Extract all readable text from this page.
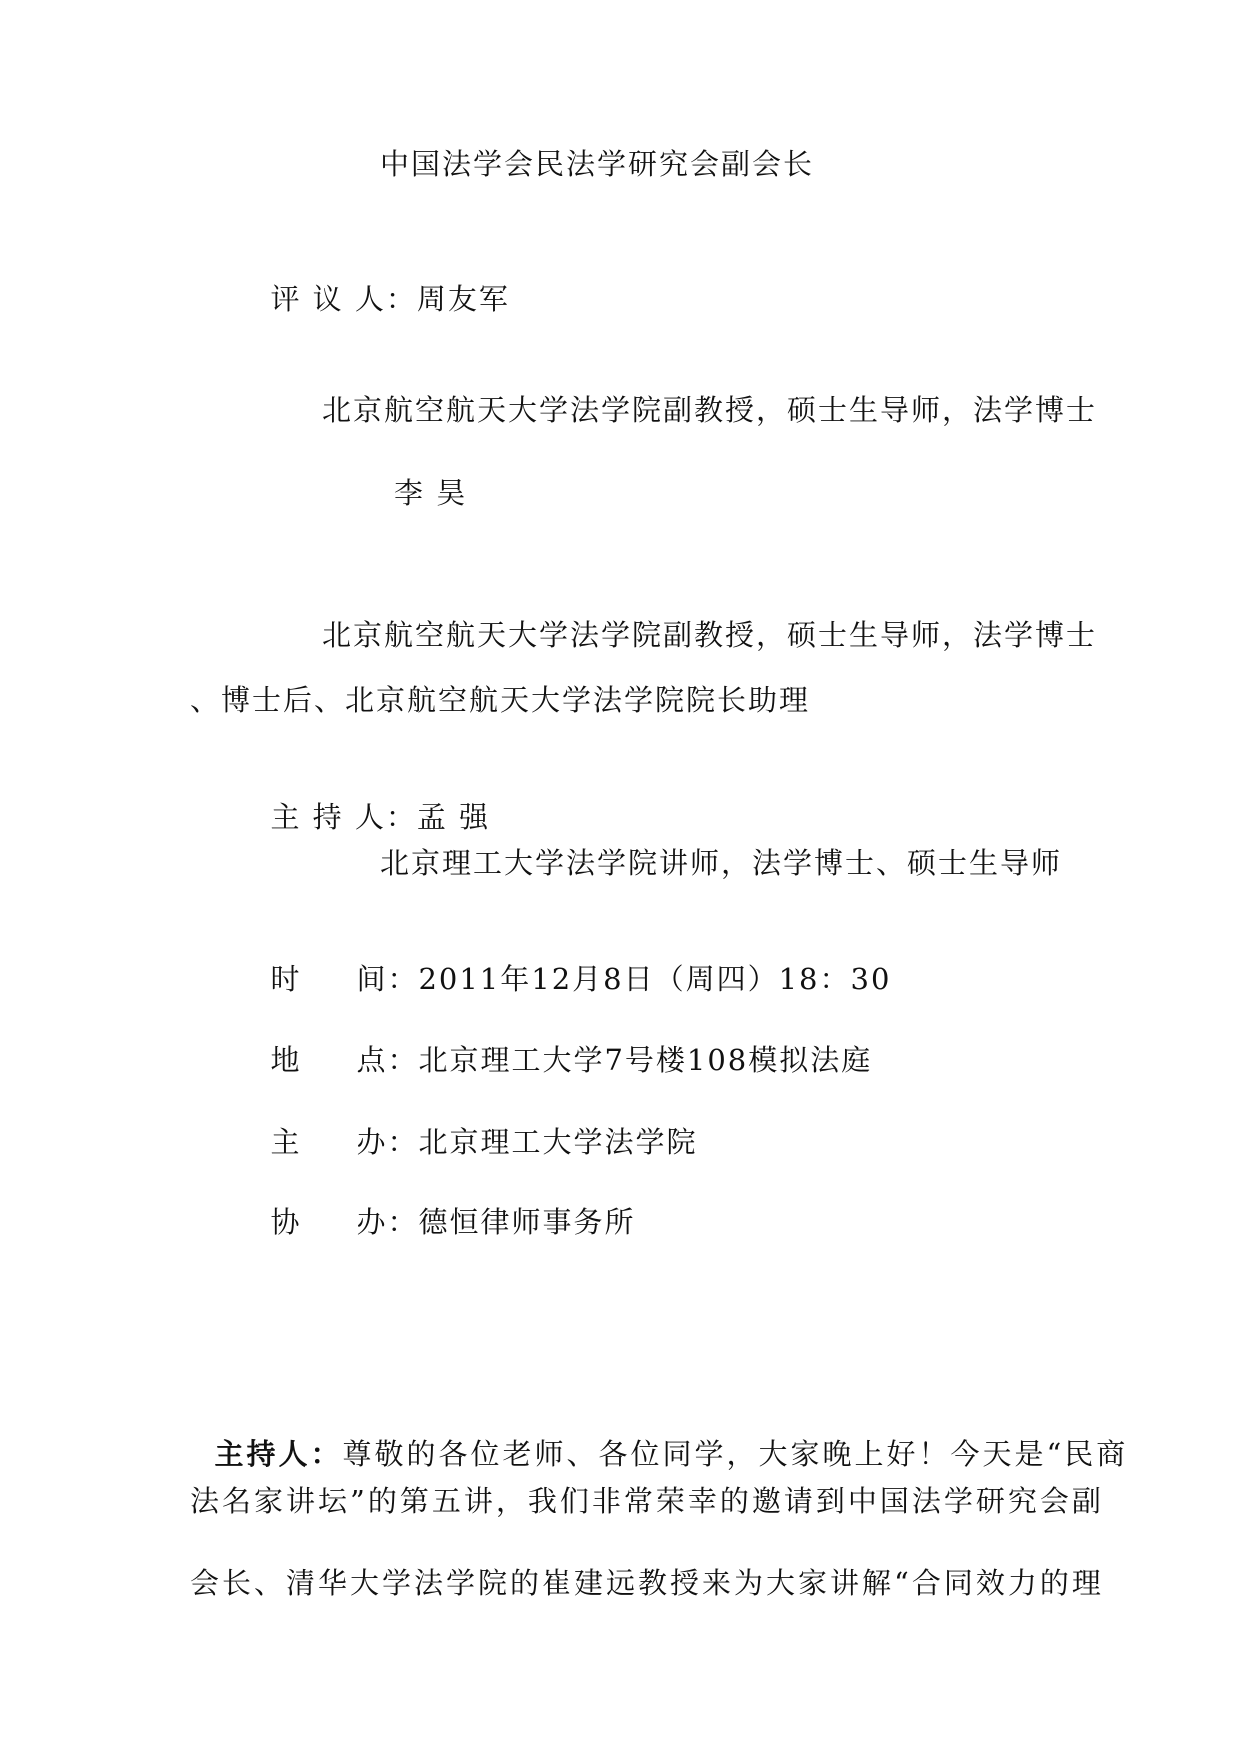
中国法学会民法学研究会副会长

评 议 人：周友军

北京航空航天大学法学院副教授，硕士生导师，法学博士
李 昊
北京航空航天大学法学院副教授，硕士生导师，法学博士
、博士后、北京航空航天大学法学院院长助理

主 持 人：孟 强

北京理工大学法学院讲师，法学博士、硕士生导师

时 间：2011年12月8日（周四）18：30

地 点：北京理工大学7号楼108模拟法庭

主 办：北京理工大学法学院

协 办：德恒律师事务所

主持人：尊敬的各位老师、各位同学，大家晚上好！今天是“民商

法名家讲坛”的第五讲，我们非常荣幸的邀请到中国法学研究会副
会长、清华大学法学院的崔建远教授来为大家讲解“合同效力的理
